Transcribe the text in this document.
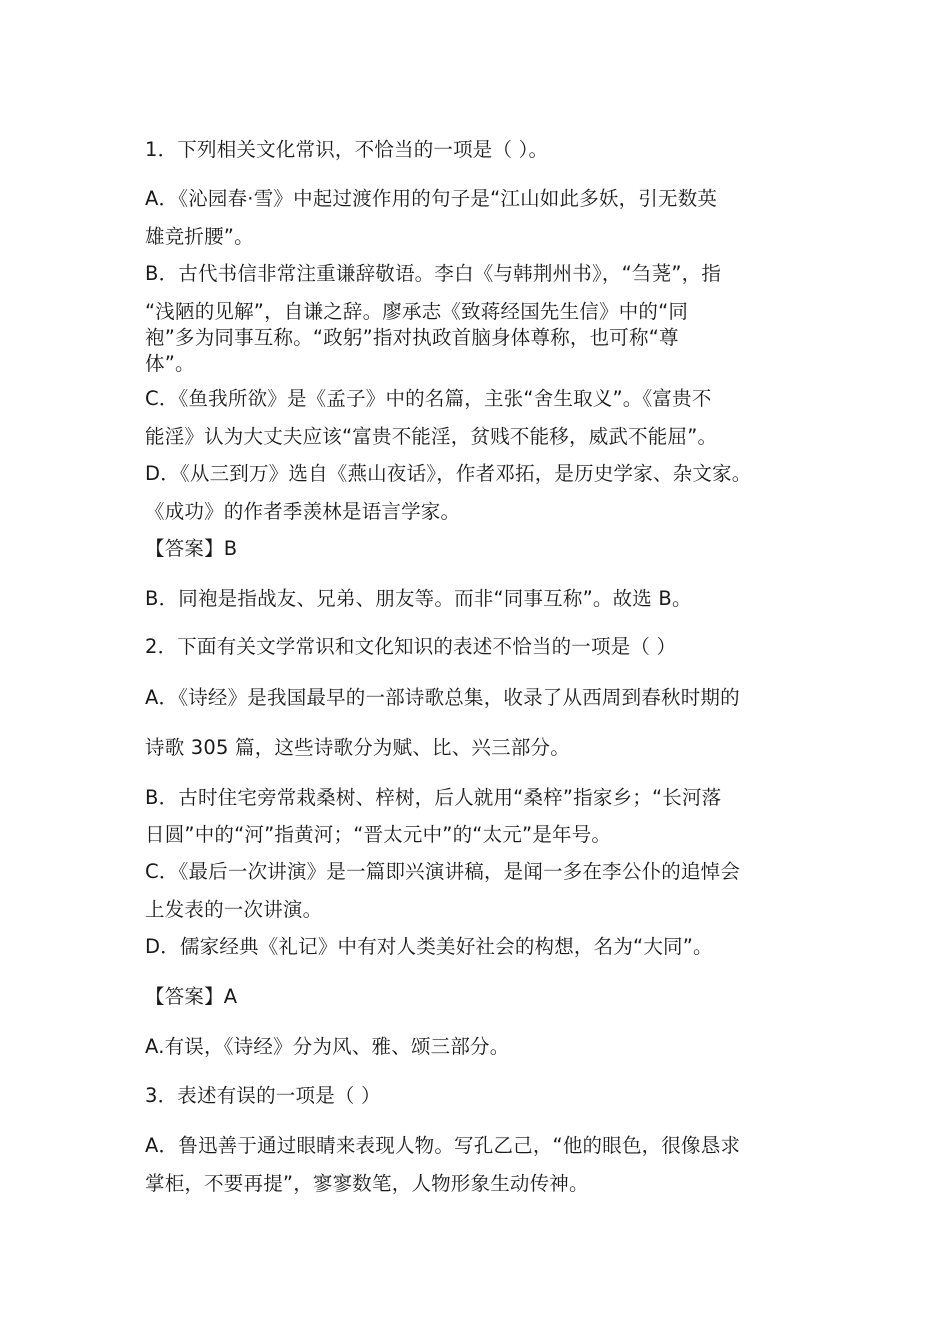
1．下列相关文化常识，不恰当的一项是（ ）。
A．《沁园春·雪》中起过渡作用的句子是“江山如此多妖，引无数英
雄竞折腰”。
B．古代书信非常注重谦辞敬语。李白《与韩荆州书》，“刍荛”，指
“浅陋的见解”，自谦之辞。廖承志《致蒋经国先生信》中的“同
袍”多为同事互称。“政躬”指对执政首脑身体尊称，也可称“尊
体”。
C．《鱼我所欲》是《孟子》中的名篇，主张“舍生取义”。《富贵不
能淫》认为大丈夫应该“富贵不能淫，贫贱不能移，威武不能屈”。
D．《从三到万》选自《燕山夜话》，作者邓拓，是历史学家、杂文家。
《成功》的作者季羡林是语言学家。
【答案】B
B．同袍是指战友、兄弟、朋友等。而非“同事互称”。故选 B。
2．下面有关文学常识和文化知识的表述不恰当的一项是（ ）
A．《诗经》是我国最早的一部诗歌总集，收录了从西周到春秋时期的
诗歌 305 篇，这些诗歌分为赋、比、兴三部分。
B．古时住宅旁常栽桑树、梓树，后人就用“桑梓”指家乡；“长河落
日圆”中的“河”指黄河；“晋太元中”的“太元”是年号。
C．《最后一次讲演》是一篇即兴演讲稿，是闻一多在李公仆的追悼会
上发表的一次讲演。
D．儒家经典《礼记》中有对人类美好社会的构想，名为“大同”。
【答案】A
A.有误，《诗经》分为风、雅、颂三部分。
3．表述有误的一项是（ ）
A．鲁迅善于通过眼睛来表现人物。写孔乙己，“他的眼色，很像恳求
掌柜，不要再提”，寥寥数笔，人物形象生动传神。
